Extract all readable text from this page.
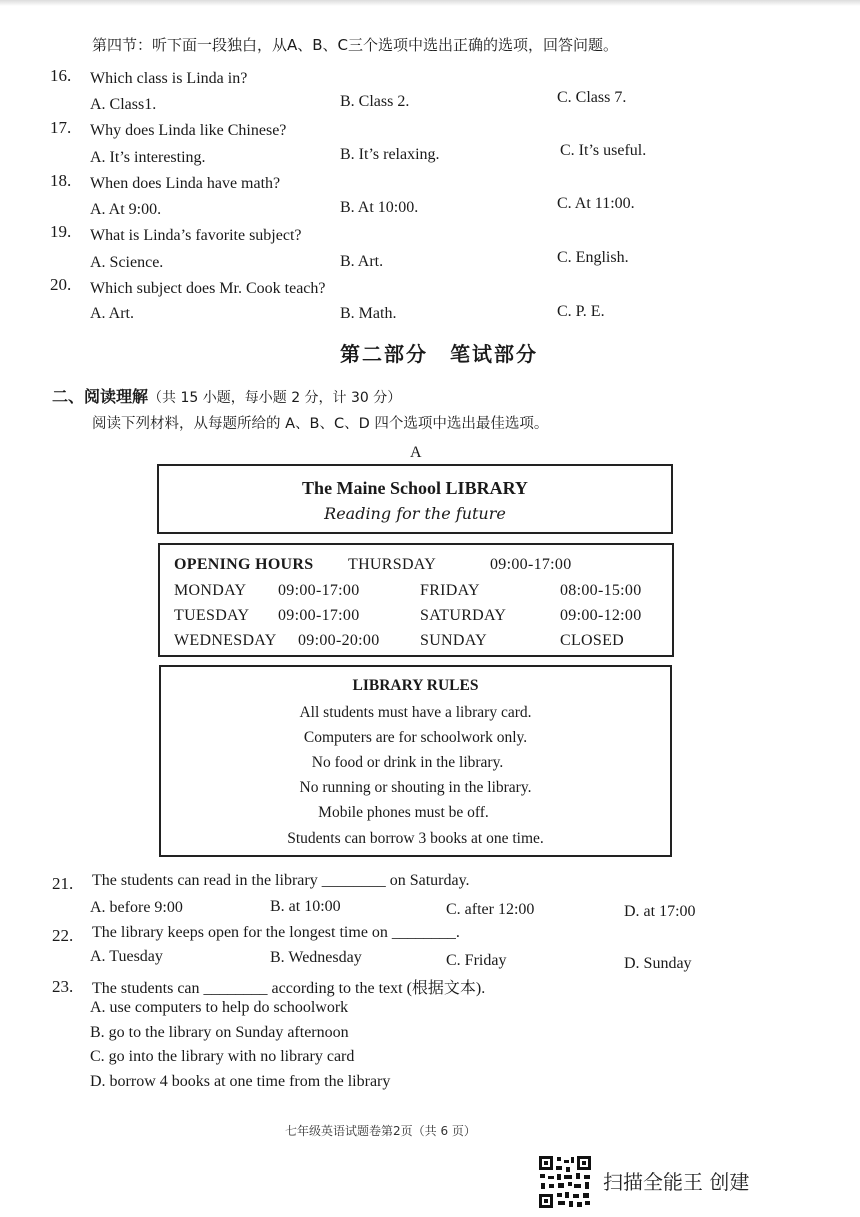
第四节：听下面一段独白，从A、B、C三个选项中选出正确的选项，回答问题。
16. Which class is Linda in?
A. Class1.	B. Class 2.	C. Class 7.
17. Why does Linda like Chinese?
A. It’s interesting.	B. It’s relaxing.	C. It’s useful.
18. When does Linda have math?
A. At 9:00.	B. At 10:00.	C. At 11:00.
19. What is Linda’s favorite subject?
A. Science.	B. Art.	C. English.
20. Which subject does Mr. Cook teach?
A. Art.	B. Math.	C. P. E.
第二部分　笔试部分
二、阅读理解（共 15 小题，每小题 2 分，计 30 分）
阅读下列材料，从每题所给的 A、B、C、D 四个选项中选出最佳选项。
A
The Maine School LIBRARY
Reading for the future
OPENING HOURS THURSDAY	09:00-17:00
MONDAY 09:00-17:00	FRIDAY	08:00-15:00
TUESDAY 09:00-17:00	SATURDAY	09:00-12:00
WEDNESDAY 09:00-20:00	SUNDAY	CLOSED
LIBRARY RULES
All students must have a library card.
Computers are for schoolwork only.
No food or drink in the library.
No running or shouting in the library.
Mobile phones must be off.
Students can borrow 3 books at one time.
21. The students can read in the library ________ on Saturday.
A. before 9:00	B. at 10:00	C. after 12:00	D. at 17:00
22. The library keeps open for the longest time on ________.
A. Tuesday	B. Wednesday	C. Friday	D. Sunday
23. The students can ________ according to the text (根据文本).
A. use computers to help do schoolwork
B. go to the library on Sunday afternoon
C. go into the library with no library card
D. borrow 4 books at one time from the library
七年级英语试题卷第2页（共 6 页）
扫描全能王 创建
